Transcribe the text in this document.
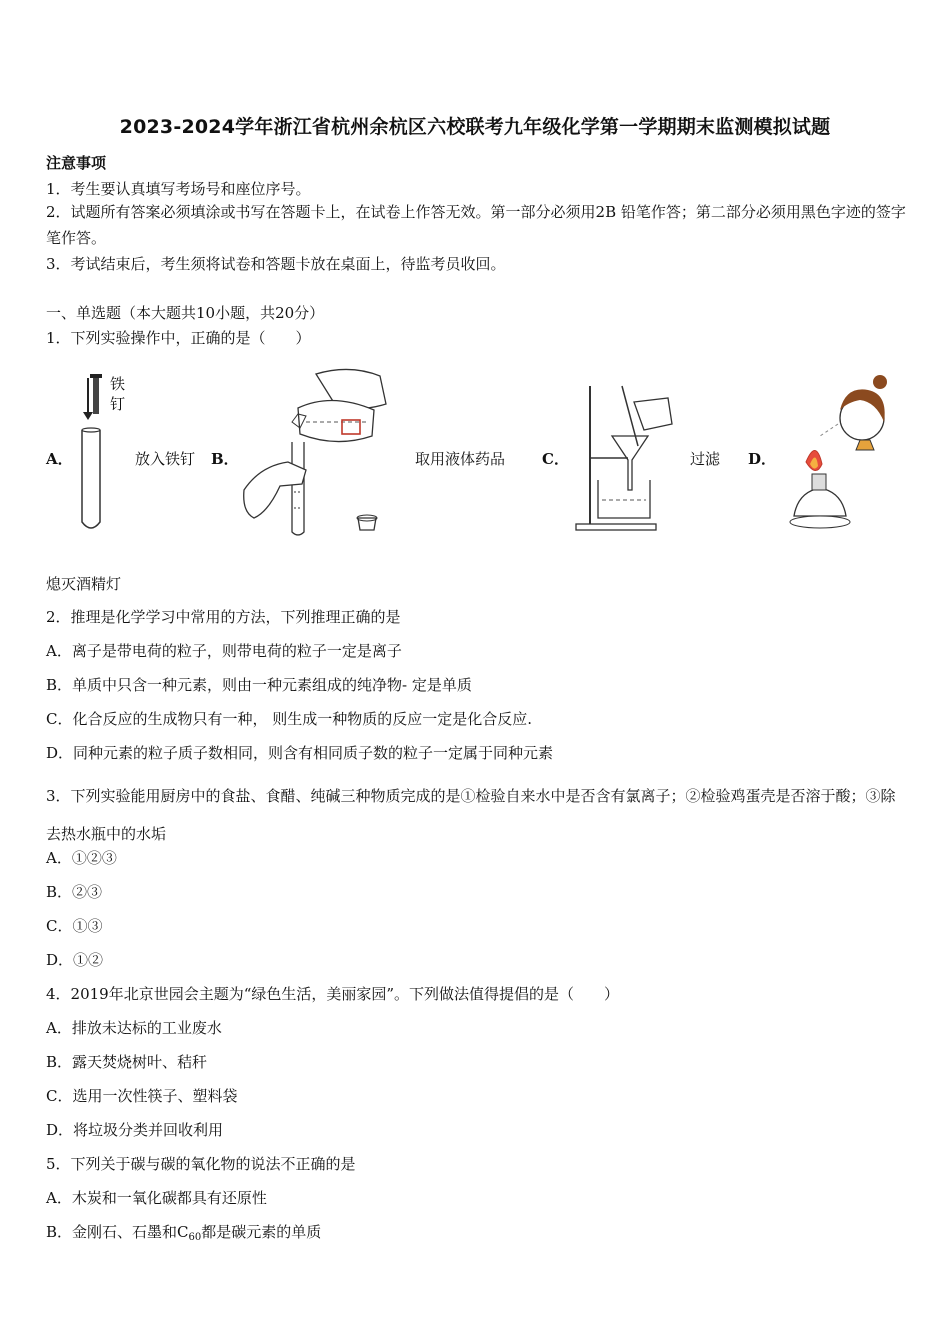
2023-2024学年浙江省杭州余杭区六校联考九年级化学第一学期期末监测模拟试题
注意事项
1．考生要认真填写考场号和座位序号。
2．试题所有答案必须填涂或书写在答题卡上，在试卷上作答无效。第一部分必须用2B 铅笔作答；第二部分必须用黑色字迹的签字笔作答。
3．考试结束后，考生须将试卷和答题卡放在桌面上，待监考员收回。
一、单选题（本大题共10小题，共20分）
1．下列实验操作中，正确的是（　　）
A．
铁钉
放入铁钉 B．	取用液体药品 C．	过滤 D．
熄灭酒精灯
2．推理是化学学习中常用的方法，下列推理正确的是
A．离子是带电荷的粒子，则带电荷的粒子一定是离子
B．单质中只含一种元素，则由一种元素组成的纯净物- 定是单质
C．化合反应的生成物只有一种， 则生成一种物质的反应一定是化合反应.
D．同种元素的粒子质子数相同，则含有相同质子数的粒子一定属于同种元素
3．下列实验能用厨房中的食盐、食醋、纯碱三种物质完成的是①检验自来水中是否含有氯离子；②检验鸡蛋壳是否溶于酸；③除去热水瓶中的水垢
A．①②③
B．②③
C．①③
D．①②
4．2019年北京世园会主题为“绿色生活，美丽家园”。下列做法值得提倡的是（　　）
A．排放未达标的工业废水
B．露天焚烧树叶、秸秆
C．选用一次性筷子、塑料袋
D．将垃圾分类并回收利用
5．下列关于碳与碳的氧化物的说法不正确的是
A．木炭和一氧化碳都具有还原性
B．金刚石、石墨和$C_{60}$都是碳元素的单质
